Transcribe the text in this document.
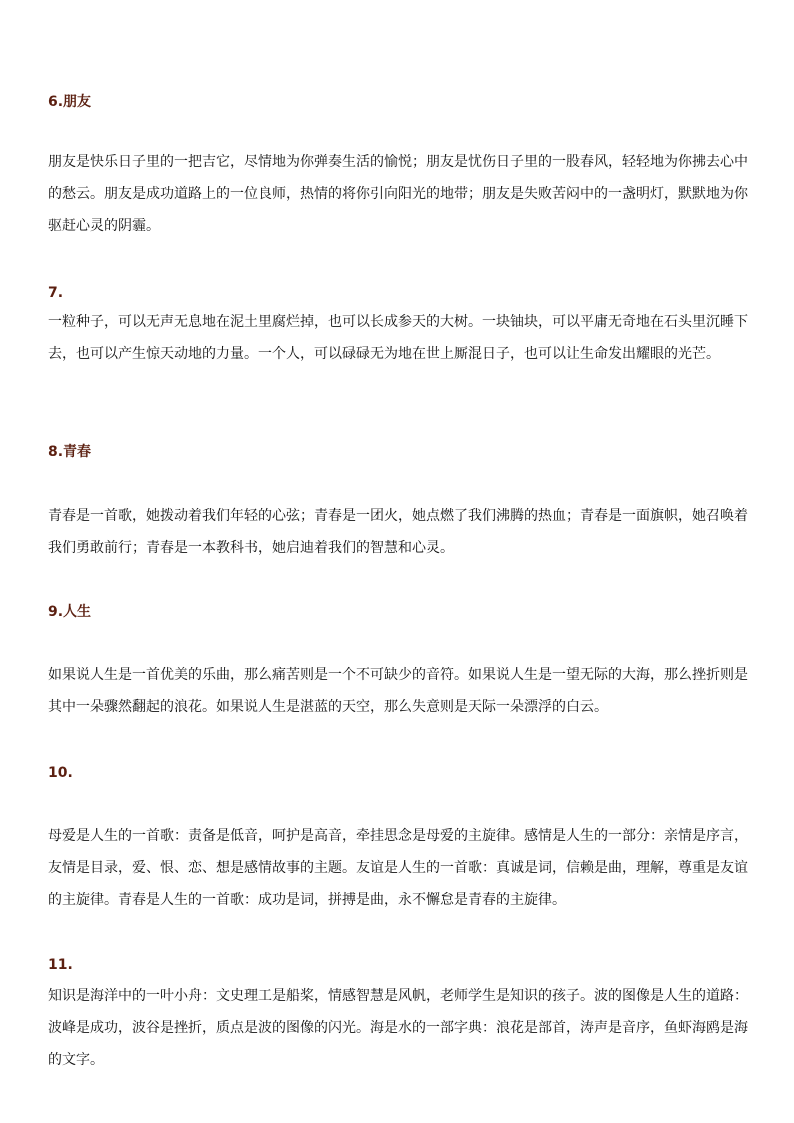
6.朋友

朋友是快乐日子里的一把吉它，尽情地为你弹奏生活的愉悦；朋友是忧伤日子里的一股春风，轻轻地为你拂去心中的愁云。朋友是成功道路上的一位良师，热情的将你引向阳光的地带；朋友是失败苦闷中的一盏明灯，默默地为你驱赶心灵的阴霾。

7.

一粒种子，可以无声无息地在泥土里腐烂掉，也可以长成参天的大树。一块铀块，可以平庸无奇地在石头里沉睡下去，也可以产生惊天动地的力量。一个人，可以碌碌无为地在世上厮混日子，也可以让生命发出耀眼的光芒。

8.青春

青春是一首歌，她拨动着我们年轻的心弦；青春是一团火，她点燃了我们沸腾的热血；青春是一面旗帜，她召唤着我们勇敢前行；青春是一本教科书，她启迪着我们的智慧和心灵。

9.人生

如果说人生是一首优美的乐曲，那么痛苦则是一个不可缺少的音符。如果说人生是一望无际的大海，那么挫折则是其中一朵骤然翻起的浪花。如果说人生是湛蓝的天空，那么失意则是天际一朵漂浮的白云。

10.

母爱是人生的一首歌：责备是低音，呵护是高音，牵挂思念是母爱的主旋律。感情是人生的一部分：亲情是序言，友情是目录，爱、恨、恋、想是感情故事的主题。友谊是人生的一首歌：真诚是词，信赖是曲，理解，尊重是友谊的主旋律。青春是人生的一首歌：成功是词，拼搏是曲，永不懈怠是青春的主旋律。

11.

知识是海洋中的一叶小舟：文史理工是船桨，情感智慧是风帆，老师学生是知识的孩子。波的图像是人生的道路：波峰是成功，波谷是挫折，质点是波的图像的闪光。海是水的一部字典：浪花是部首，涛声是音序，鱼虾海鸥是海的文字。
